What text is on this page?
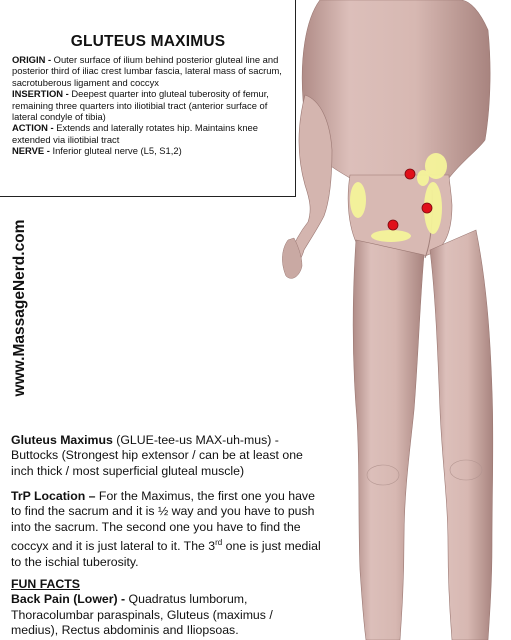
GLUTEUS MAXIMUS
ORIGIN - Outer surface of ilium behind posterior gluteal line and posterior third of iliac crest lumbar fascia, lateral mass of sacrum, sacrotuberous ligament and coccyx
INSERTION - Deepest quarter into gluteal tuberosity of femur, remaining three quarters into iliotibial tract (anterior surface of lateral condyle of tibia)
ACTION - Extends and laterally rotates hip. Maintains knee extended via iliotibial tract
NERVE - Inferior gluteal nerve (L5, S1,2)
www.MassageNerd.com
Gluteus Maximus (GLUE-tee-us MAX-uh-mus) - Buttocks (Strongest hip extensor / can be at least one inch thick / most superficial gluteal muscle)
TrP Location – For the Maximus, the first one you have to find the sacrum and it is ½ way and you have to push into the sacrum. The second one you have to find the coccyx and it is just lateral to it. The 3rd one is just medial to the ischial tuberosity.
FUN FACTS
Back Pain (Lower) - Quadratus lumborum, Thoracolumbar paraspinals, Gluteus (maximus / medius), Rectus abdominis and Iliopsoas.
